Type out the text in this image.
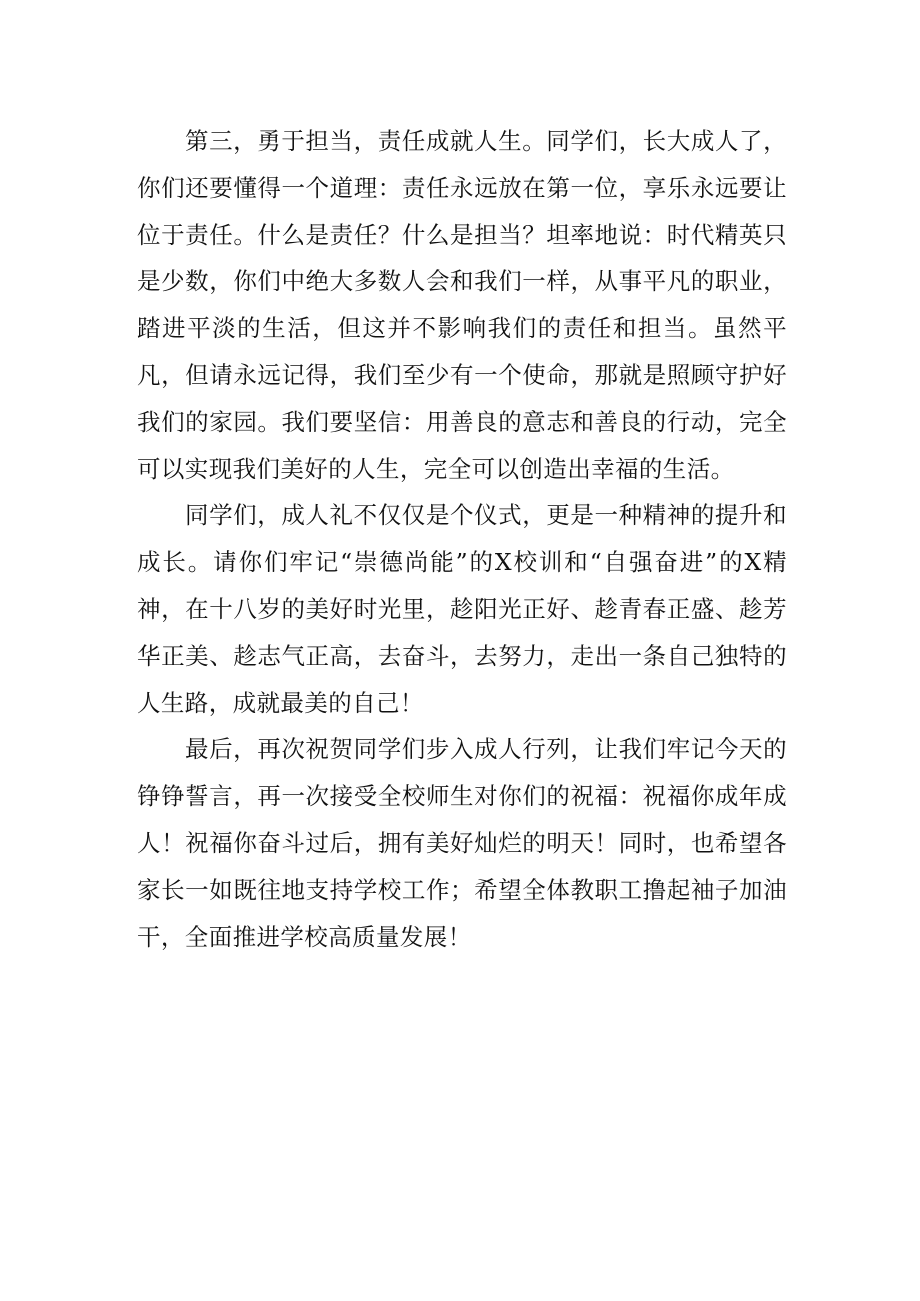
第三，勇于担当，责任成就人生。同学们，长大成人了，你们还要懂得一个道理：责任永远放在第一位，享乐永远要让位于责任。什么是责任？什么是担当？坦率地说：时代精英只是少数，你们中绝大多数人会和我们一样，从事平凡的职业，踏进平淡的生活，但这并不影响我们的责任和担当。虽然平凡，但请永远记得，我们至少有一个使命，那就是照顾守护好我们的家园。我们要坚信：用善良的意志和善良的行动，完全可以实现我们美好的人生，完全可以创造出幸福的生活。

同学们，成人礼不仅仅是个仪式，更是一种精神的提升和成长。请你们牢记“崇德尚能”的X校训和“自强奋进”的X精神，在十八岁的美好时光里，趁阳光正好、趁青春正盛、趁芳华正美、趁志气正高，去奋斗，去努力，走出一条自己独特的人生路，成就最美的自己！

最后，再次祝贺同学们步入成人行列，让我们牢记今天的铮铮誓言，再一次接受全校师生对你们的祝福：祝福你成年成人！祝福你奋斗过后，拥有美好灿烂的明天！同时，也希望各家长一如既往地支持学校工作；希望全体教职工撸起袖子加油干，全面推进学校高质量发展！
